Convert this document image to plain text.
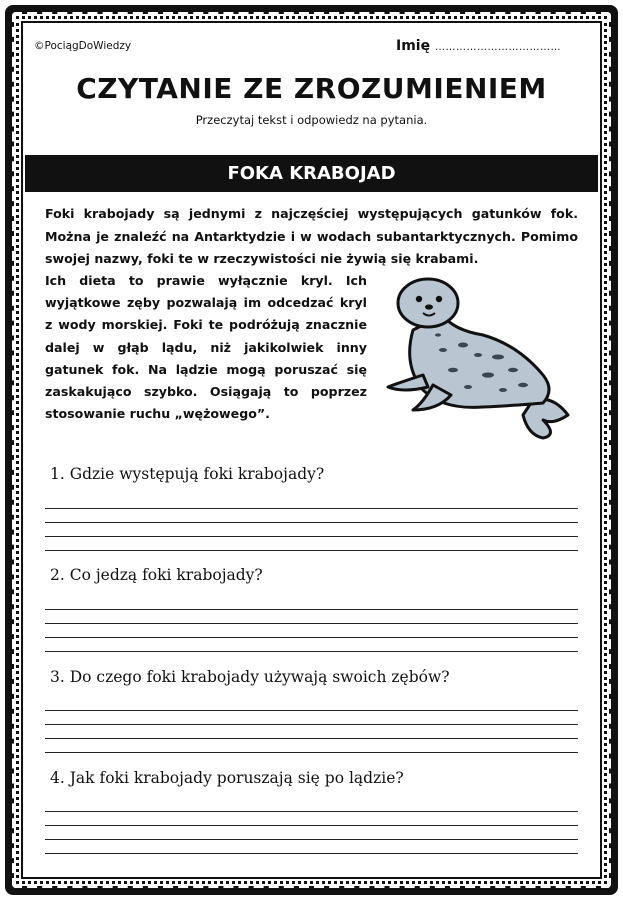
©PociągDoWiedzy	Imię ………………………………
CZYTANIE ZE ZROZUMIENIEM
Przeczytaj tekst i odpowiedz na pytania.
FOKA KRABOJAD
Foki krabojady są jednymi z najczęściej występujących gatunków fok. Można je znaleźć na Antarktydzie i w wodach subantarktycznych. Pomimo swojej nazwy, foki te w rzeczywistości nie żywią się krabami.
Ich dieta to prawie wyłącznie kryl. Ich wyjątkowe zęby pozwalają im odcedzać kryl z wody morskiej. Foki te podróżują znacznie dalej w głąb lądu, niż jakikolwiek inny gatunek fok. Na lądzie mogą poruszać się zaskakująco szybko. Osiągają to poprzez stosowanie ruchu „wężowego”.
1. Gdzie występują foki krabojady?
2. Co jedzą foki krabojady?
3. Do czego foki krabojady używają swoich zębów?
4. Jak foki krabojady poruszają się po lądzie?
